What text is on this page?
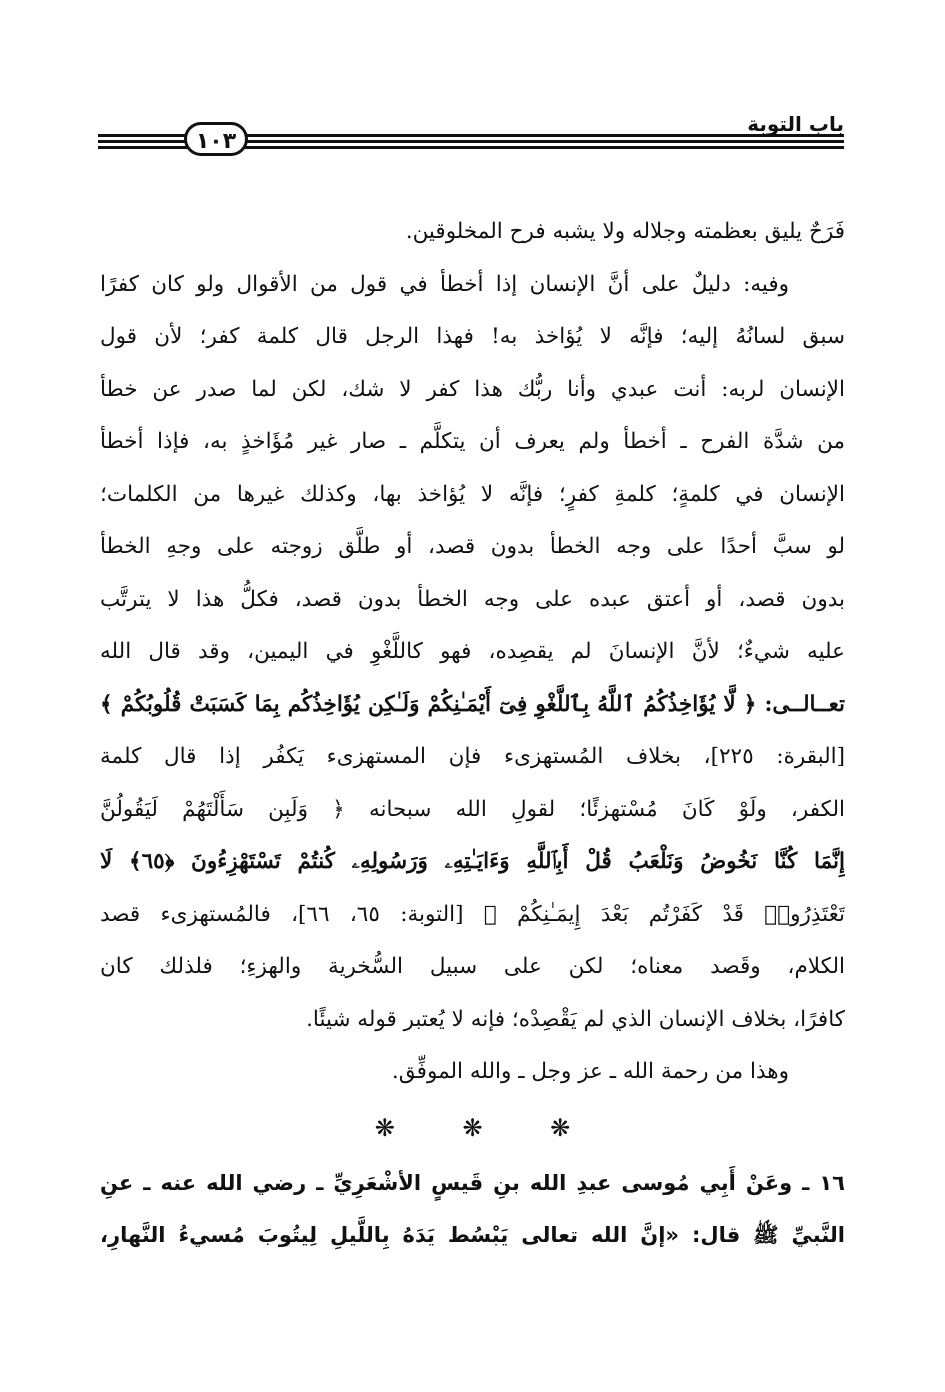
باب التوبة
١٠٣
فَرَحٌ يليق بعظمته وجلاله ولا يشبه فرح المخلوقين.
وفيه: دليلٌ على أنَّ الإنسان إذا أخطأ في قول من الأقوال ولو كان كفرًا
سبق لسانُهُ إليه؛ فإنَّه لا يُؤاخذ به! فهذا الرجل قال كلمة كفر؛ لأن قول
الإنسان لربه: أنت عبدي وأنا ربُّك هذا كفر لا شك، لكن لما صدر عن خطأ
من شدَّة الفرح ـ أخطأ ولم يعرف أن يتكلَّم ـ صار غير مُؤَاخذٍ به، فإذا أخطأ
الإنسان في كلمةٍ؛ كلمةِ كفرٍ؛ فإنَّه لا يُؤاخذ بها، وكذلك غيرها من الكلمات؛
لو سبَّ أحدًا على وجه الخطأ بدون قصد، أو طلَّق زوجته على وجهِ الخطأ
بدون قصد، أو أعتق عبده على وجه الخطأ بدون قصد، فكلُّ هذا لا يترتَّب
عليه شيءٌ؛ لأنَّ الإنسانَ لم يقصِده، فهو كاللَّغْوِ في اليمين، وقد قال الله
تعــالــى: ﴿ لَّا يُؤَاخِذُكُمُ ٱللَّهُ بِٱللَّغْوِ فِىٓ أَيْمَـٰنِكُمْ وَلَـٰكِن يُؤَاخِذُكُم بِمَا كَسَبَتْ قُلُوبُكُمْ ﴾
[البقرة: ٢٢٥]، بخلاف المُستهزىء فإن المستهزىء يَكفُر إذا قال كلمة
الكفر، ولَوْ كَانَ مُسْتهزئًا؛ لقولِ الله سبحانه ﴿ وَلَبِن سَأَلْتَهُمْ لَيَقُولُنَّ
إِنَّمَا كُنَّا نَخُوضُ وَنَلْعَبُ قُلْ أَبِٱللَّهِ وَءَايَـٰتِهِۦ وَرَسُولِهِۦ كُنتُمْ تَسْتَهْزِءُونَ ﴿٦٥﴾ لَا
تَعْتَذِرُوا۟ قَدْ كَفَرْتُم بَعْدَ إِيمَـٰنِكُمْ ﴾ [التوبة: ٦٥، ٦٦]، فالمُستهزىء قصد
الكلام، وقَصد معناه؛ لكن على سبيل السُّخرية والهزءِ؛ فلذلك كان
كافرًا، بخلاف الإنسان الذي لم يَقْصِدْه؛ فإنه لا يُعتبر قوله شيئًا.
وهذا من رحمة الله ـ عز وجل ـ والله الموفِّق.
❋ ❋ ❋
١٦ ـ وعَنْ أَبِي مُوسى عبدِ الله بنِ قَيسٍ الأشْعَرِيِّ ـ رضي الله عنه ـ عنِ
النَّبيِّ ﷺ قال: «إنَّ الله تعالى يَبْسُط يَدَهُ بِاللَّيلِ لِيتُوبَ مُسيءُ النَّهارِ،
